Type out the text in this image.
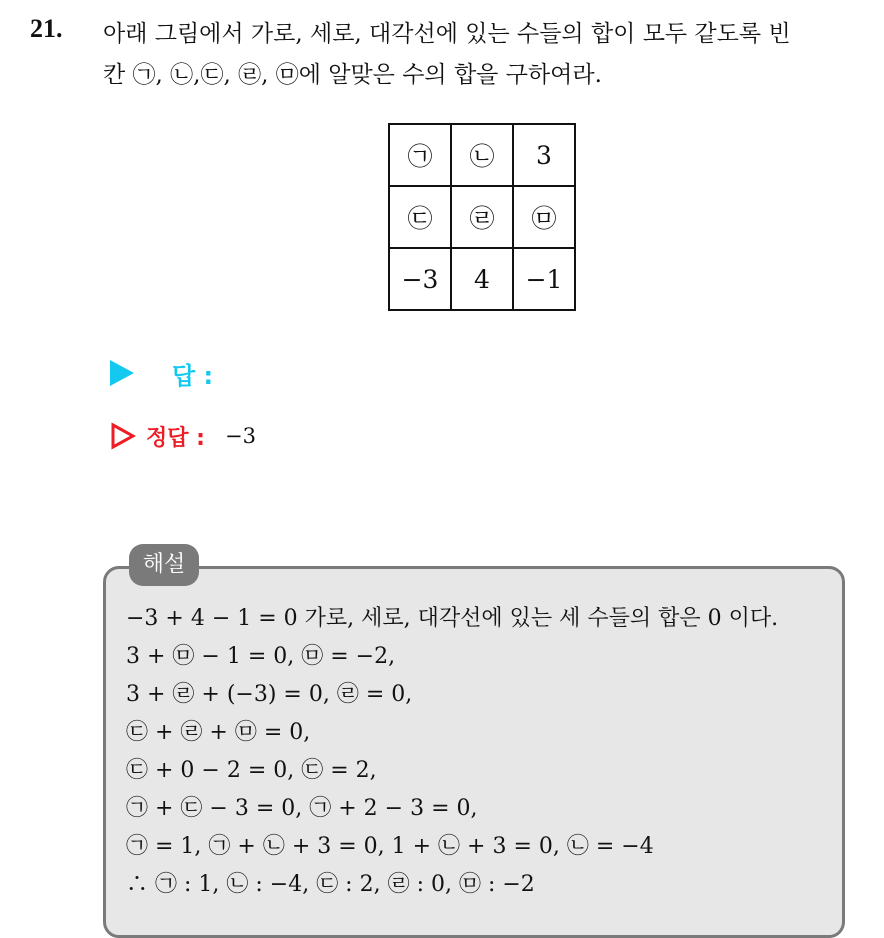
21. 아래 그림에서 가로, 세로, 대각선에 있는 수들의 합이 모두 같도록 빈
칸 ㉠, ㉡,㉢, ㉣, ㉤에 알맞은 수의 합을 구하여라.
㉠	㉡	3
㉢	㉣	㉤
−3	4	−1
답 :
정답 : −3
해설
−3 + 4 − 1 = 0 가로, 세로, 대각선에 있는 세 수들의 합은 0 이다.
3 + ㉤ − 1 = 0, ㉤ = −2,
3 + ㉣ + (−3) = 0, ㉣ = 0,
㉢ + ㉣ + ㉤ = 0,
㉢ + 0 − 2 = 0, ㉢ = 2,
㉠ + ㉢ − 3 = 0, ㉠ + 2 − 3 = 0,
㉠ = 1, ㉠ + ㉡ + 3 = 0, 1 + ㉡ + 3 = 0, ㉡ = −4
∴ ㉠ : 1, ㉡ : −4, ㉢ : 2, ㉣ : 0, ㉤ : −2
